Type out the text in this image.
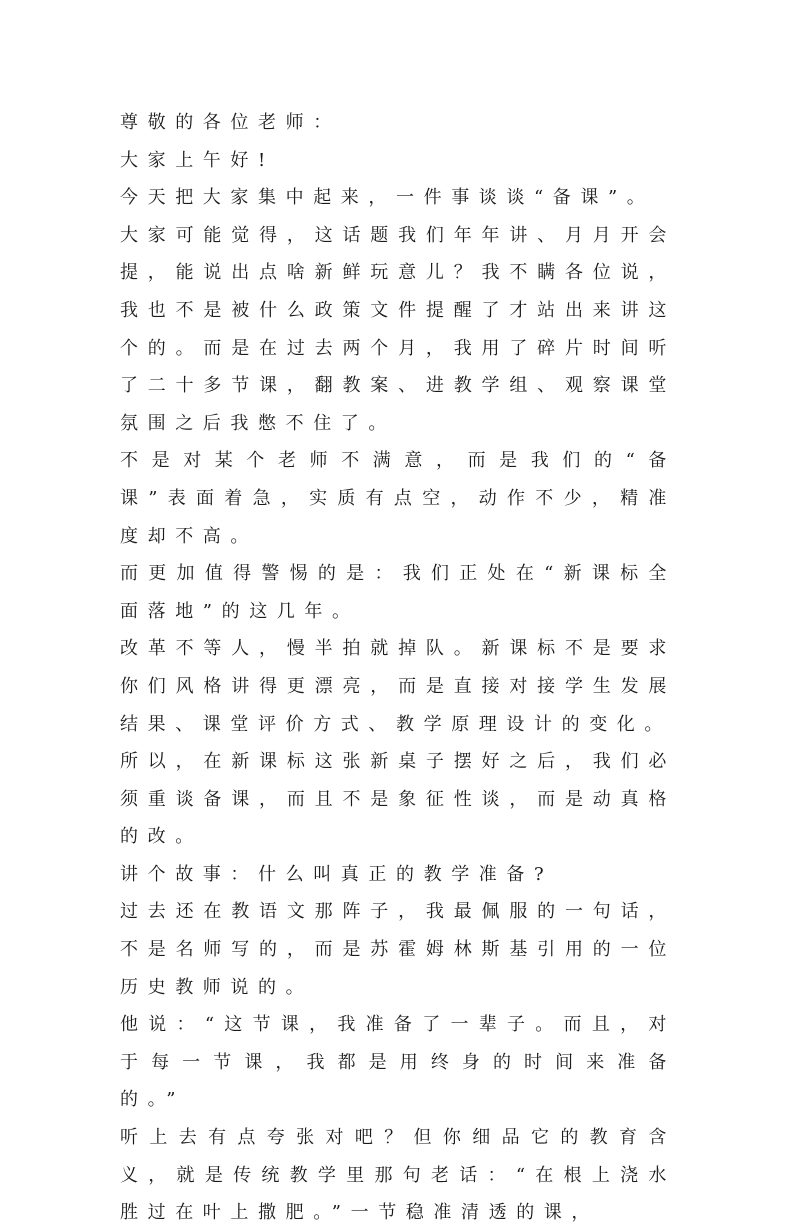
尊敬的各位老师：

大家上午好!

今天把大家集中起来，一件事谈谈“备课”。

大家可能觉得，这话题我们年年讲、月月开会提，能说出点啥新鲜玩意儿？我不瞒各位说，我也不是被什么政策文件提醒了才站出来讲这个的。而是在过去两个月，我用了碎片时间听了二十多节课，翻教案、进教学组、观察课堂氛围之后我憋不住了。

不是对某个老师不满意，而是我们的“备课”表面着急，实质有点空，动作不少，精准度却不高。

而更加值得警惕的是：我们正处在“新课标全面落地”的这几年。

改革不等人，慢半拍就掉队。新课标不是要求你们风格讲得更漂亮，而是直接对接学生发展结果、课堂评价方式、教学原理设计的变化。

所以，在新课标这张新桌子摆好之后，我们必须重谈备课，而且不是象征性谈，而是动真格的改。

讲个故事：什么叫真正的教学准备?

过去还在教语文那阵子，我最佩服的一句话，不是名师写的，而是苏霍姆林斯基引用的一位历史教师说的。

他说：“这节课，我准备了一辈子。而且，对于每一节课，我都是用终身的时间来准备的。”

听上去有点夸张对吧？但你细品它的教育含义，就是传统教学里那句老话：“在根上浇水胜过在叶上撒肥。”一节稳准清透的课，
